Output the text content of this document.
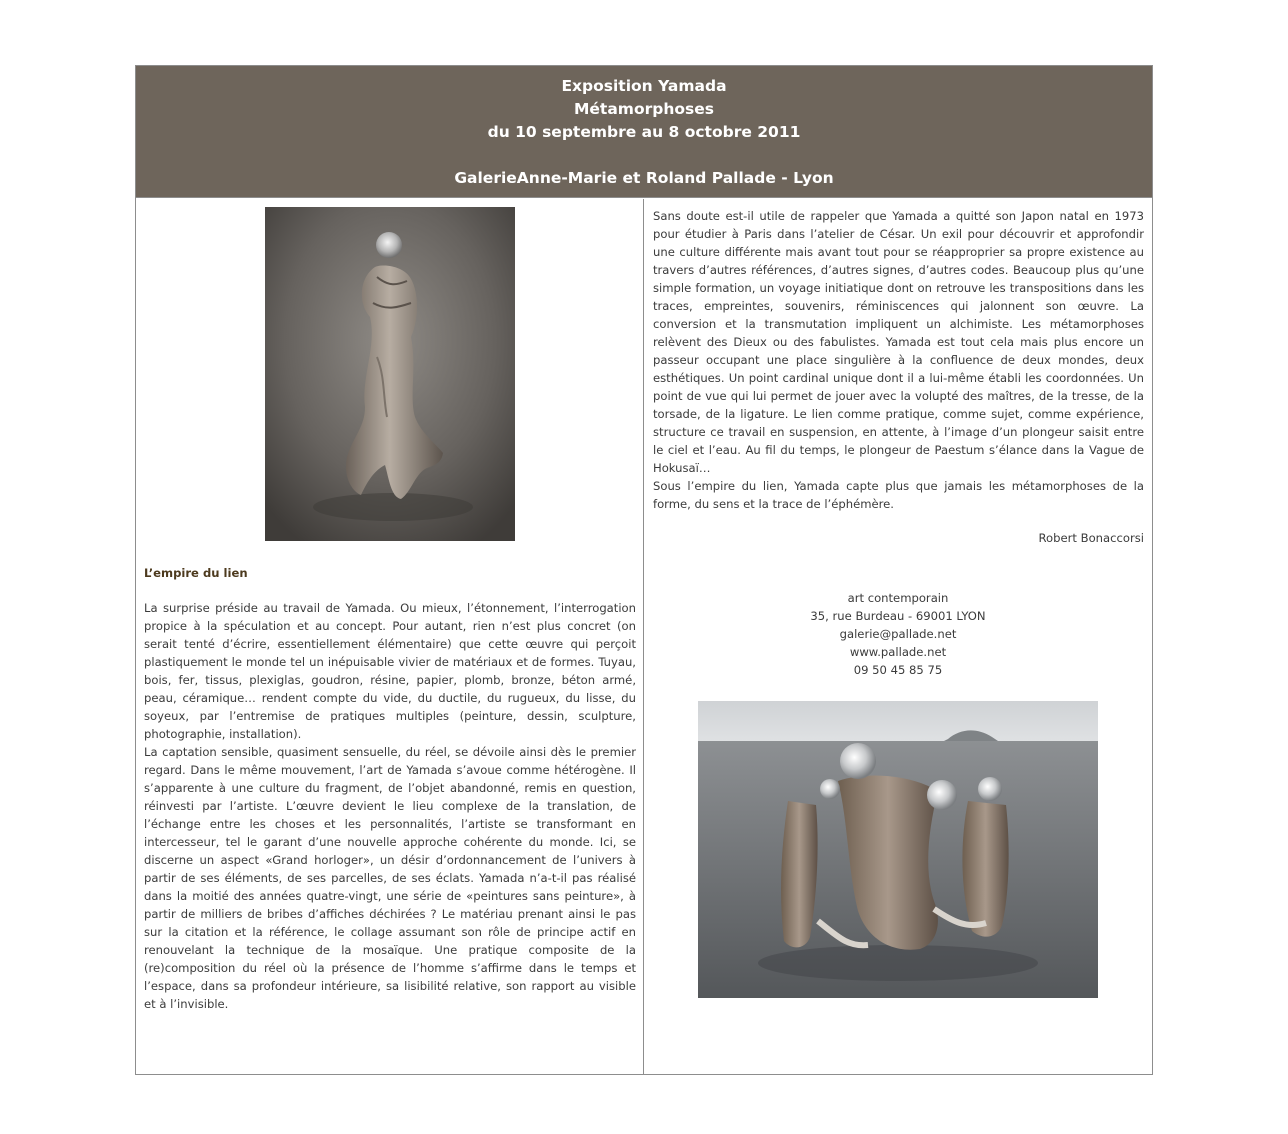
Exposition Yamada
Métamorphoses
du 10 septembre au 8 octobre 2011
GalerieAnne-Marie et Roland Pallade - Lyon
L’empire du lien
La surprise préside au travail de Yamada. Ou mieux, l’étonnement, l’interrogation propice à la spéculation et au concept. Pour autant, rien n’est plus concret (on serait tenté d’écrire, essentiellement élémentaire) que cette œuvre qui perçoit plastiquement le monde tel un inépuisable vivier de matériaux et de formes. Tuyau, bois, fer, tissus, plexiglas, goudron, résine, papier, plomb, bronze, béton armé, peau, céramique… rendent compte du vide, du ductile, du rugueux, du lisse, du soyeux, par l’entremise de pratiques multiples (peinture, dessin, sculpture, photographie, installation).
La captation sensible, quasiment sensuelle, du réel, se dévoile ainsi dès le premier regard. Dans le même mouvement, l’art de Yamada s’avoue comme hétérogène. Il s’apparente à une culture du fragment, de l’objet abandonné, remis en question, réinvesti par l’artiste. L’œuvre devient le lieu complexe de la translation, de l’échange entre les choses et les personnalités, l’artiste se transformant en intercesseur, tel le garant d’une nouvelle approche cohérente du monde. Ici, se discerne un aspect «Grand horloger», un désir d’ordonnancement de l’univers à partir de ses éléments, de ses parcelles, de ses éclats. Yamada n’a-t-il pas réalisé dans la moitié des années quatre-vingt, une série de «peintures sans peinture», à partir de milliers de bribes d’affiches déchirées ? Le matériau prenant ainsi le pas sur la citation et la référence, le collage assumant son rôle de principe actif en renouvelant la technique de la mosaïque. Une pratique composite de la (re)composition du réel où la présence de l’homme s’affirme dans le temps et l’espace, dans sa profondeur intérieure, sa lisibilité relative, son rapport au visible et à l’invisible.
Sans doute est-il utile de rappeler que Yamada a quitté son Japon natal en 1973 pour étudier à Paris dans l’atelier de César. Un exil pour découvrir et approfondir une culture différente mais avant tout pour se réapproprier sa propre existence au travers d’autres références, d’autres signes, d’autres codes. Beaucoup plus qu’une simple formation, un voyage initiatique dont on retrouve les transpositions dans les traces, empreintes, souvenirs, réminiscences qui jalonnent son œuvre. La conversion et la transmutation impliquent un alchimiste. Les métamorphoses relèvent des Dieux ou des fabulistes. Yamada est tout cela mais plus encore un passeur occupant une place singulière à la confluence de deux mondes, deux esthétiques. Un point cardinal unique dont il a lui-même établi les coordonnées. Un point de vue qui lui permet de jouer avec la volupté des maîtres, de la tresse, de la torsade, de la ligature. Le lien comme pratique, comme sujet, comme expérience, structure ce travail en suspension, en attente, à l’image d’un plongeur saisit entre le ciel et l’eau. Au fil du temps, le plongeur de Paestum s’élance dans la Vague de Hokusaï…
Sous l’empire du lien, Yamada capte plus que jamais les métamorphoses de la forme, du sens et la trace de l’éphémère.
Robert Bonaccorsi
art contemporain
35, rue Burdeau - 69001 LYON
galerie@pallade.net
www.pallade.net
09 50 45 85 75
